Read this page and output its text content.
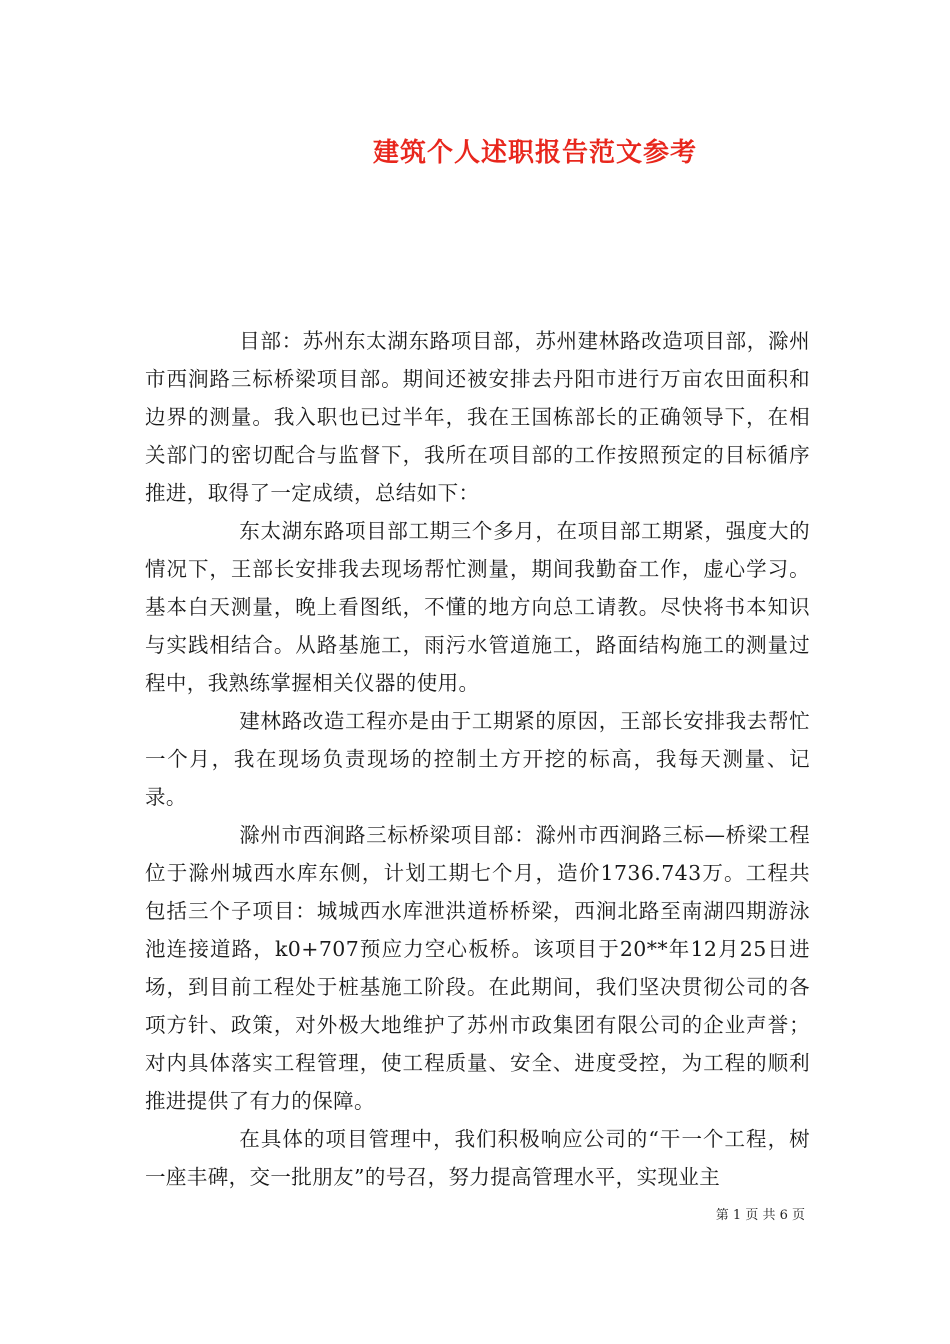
建筑个人述职报告范文参考

目部：苏州东太湖东路项目部，苏州建林路改造项目部，滁州市西涧路三标桥梁项目部。期间还被安排去丹阳市进行万亩农田面积和边界的测量。我入职也已过半年，我在王国栋部长的正确领导下，在相关部门的密切配合与监督下，我所在项目部的工作按照预定的目标循序推进，取得了一定成绩，总结如下：

东太湖东路项目部工期三个多月，在项目部工期紧，强度大的情况下，王部长安排我去现场帮忙测量，期间我勤奋工作，虚心学习。基本白天测量，晚上看图纸，不懂的地方向总工请教。尽快将书本知识与实践相结合。从路基施工，雨污水管道施工，路面结构施工的测量过程中，我熟练掌握相关仪器的使用。

建林路改造工程亦是由于工期紧的原因，王部长安排我去帮忙一个月，我在现场负责现场的控制土方开挖的标高，我每天测量、记录。

滁州市西涧路三标桥梁项目部：滁州市西涧路三标—桥梁工程位于滁州城西水库东侧，计划工期七个月，造价1736.743万。工程共包括三个子项目：城城西水库泄洪道桥桥梁，西涧北路至南湖四期游泳池连接道路，k0+707预应力空心板桥。该项目于20**年12月25日进场，到目前工程处于桩基施工阶段。在此期间，我们坚决贯彻公司的各项方针、政策，对外极大地维护了苏州市政集团有限公司的企业声誉；对内具体落实工程管理，使工程质量、安全、进度受控，为工程的顺利推进提供了有力的保障。

在具体的项目管理中，我们积极响应公司的“干一个工程，树一座丰碑，交一批朋友”的号召，努力提高管理水平，实现业主

第 1 页 共 6 页
